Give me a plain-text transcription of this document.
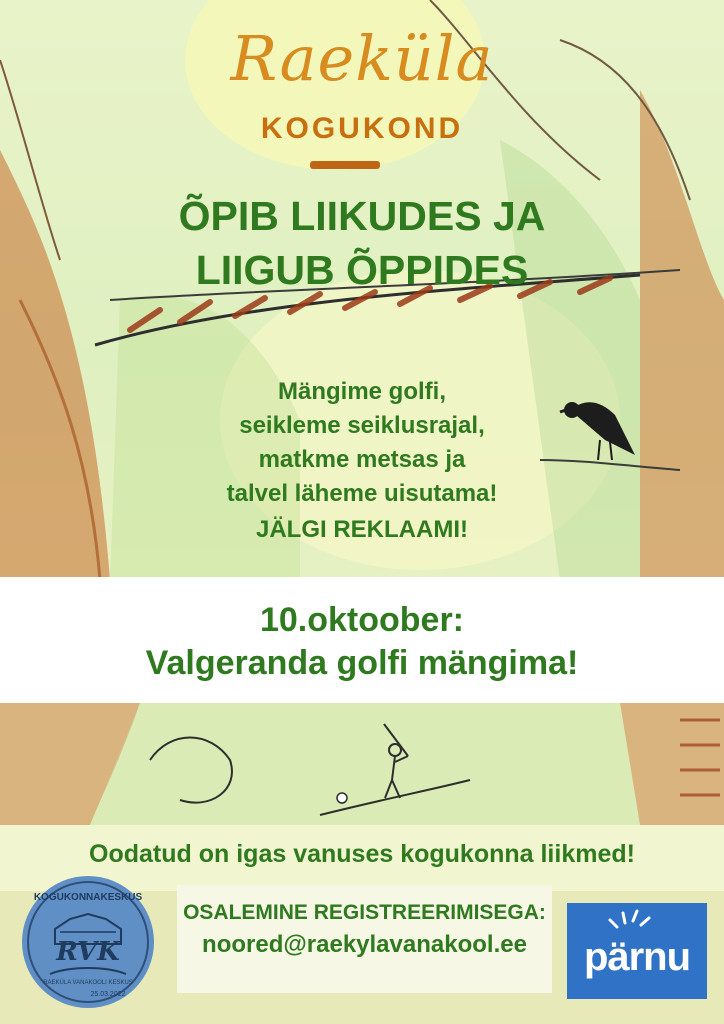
Raeküla
KOGUKOND
ÕPIB LIIKUDES JA
LIIGUB ÕPPIDES
Mängime golfi,
seikleme seiklusrajal,
matkme metsas ja
talvel läheme uisutama!
JÄLGI REKLAAMI!
10.oktoober:
Valgeranda golfi mängima!
Oodatud on igas vanuses kogukonna liikmed!
OSALEMINE REGISTREERIMISEGA:
noored@raekylavanakool.ee	pärnu
KOGUKONNAKESKUS
RVK
RAEKÜLA VANAKOOLI KESKUS
25.03.2022
